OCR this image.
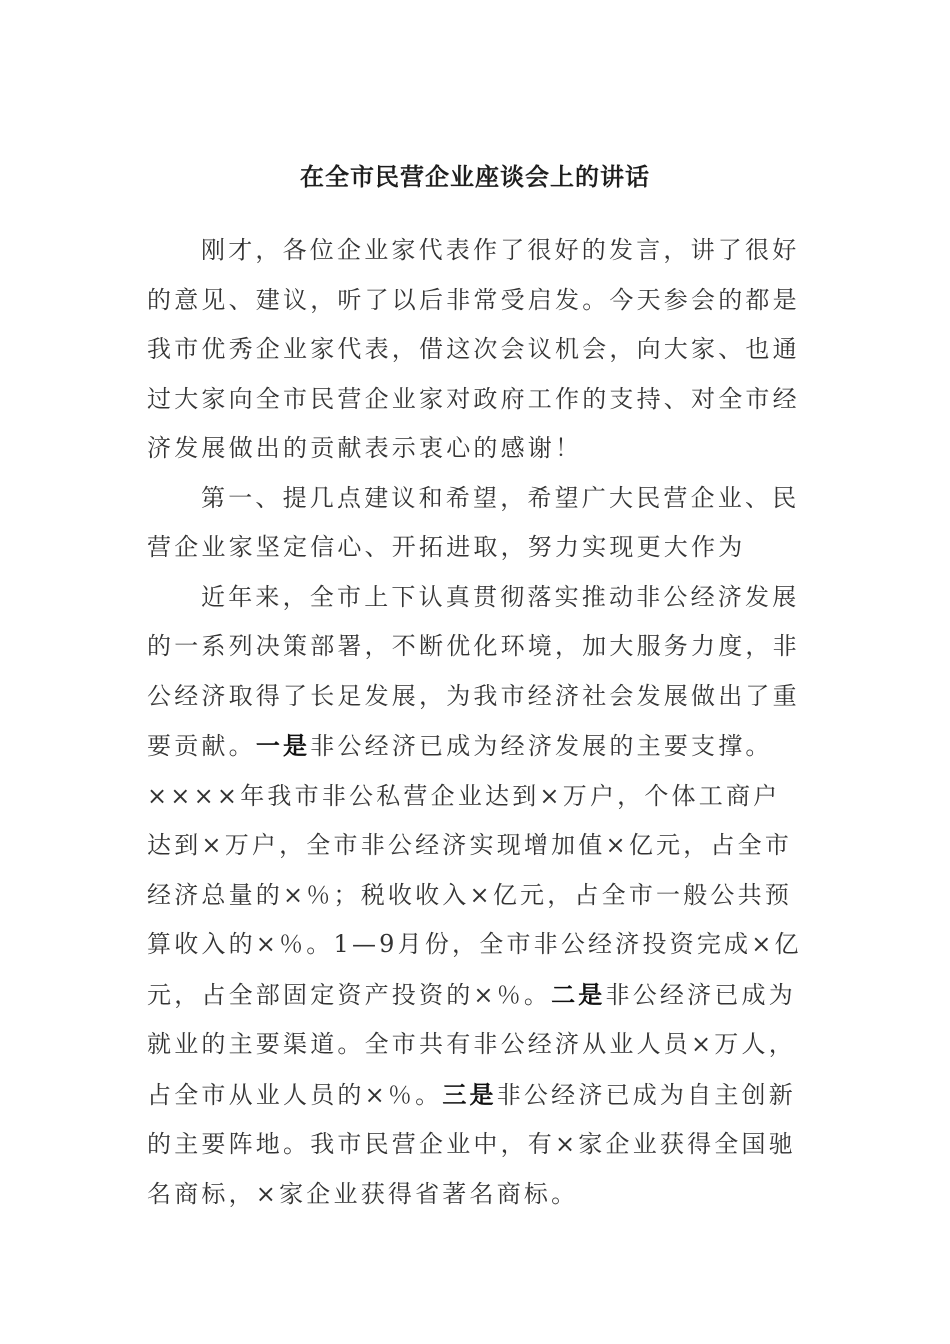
在全市民营企业座谈会上的讲话

刚才，各位企业家代表作了很好的发言，讲了很好的意见、建议，听了以后非常受启发。今天参会的都是我市优秀企业家代表，借这次会议机会，向大家、也通过大家向全市民营企业家对政府工作的支持、对全市经济发展做出的贡献表示衷心的感谢！

第一、提几点建议和希望，希望广大民营企业、民营企业家坚定信心、开拓进取，努力实现更大作为

近年来，全市上下认真贯彻落实推动非公经济发展的一系列决策部署，不断优化环境，加大服务力度，非公经济取得了长足发展，为我市经济社会发展做出了重要贡献。一是非公经济已成为经济发展的主要支撑。××××年我市非公私营企业达到×万户，个体工商户达到×万户，全市非公经济实现增加值×亿元，占全市经济总量的×％；税收收入×亿元，占全市一般公共预算收入的×％。1—9月份，全市非公经济投资完成×亿元，占全部固定资产投资的×％。二是非公经济已成为就业的主要渠道。全市共有非公经济从业人员×万人，占全市从业人员的×％。三是非公经济已成为自主创新的主要阵地。我市民营企业中，有×家企业获得全国驰名商标，×家企业获得省著名商标。
